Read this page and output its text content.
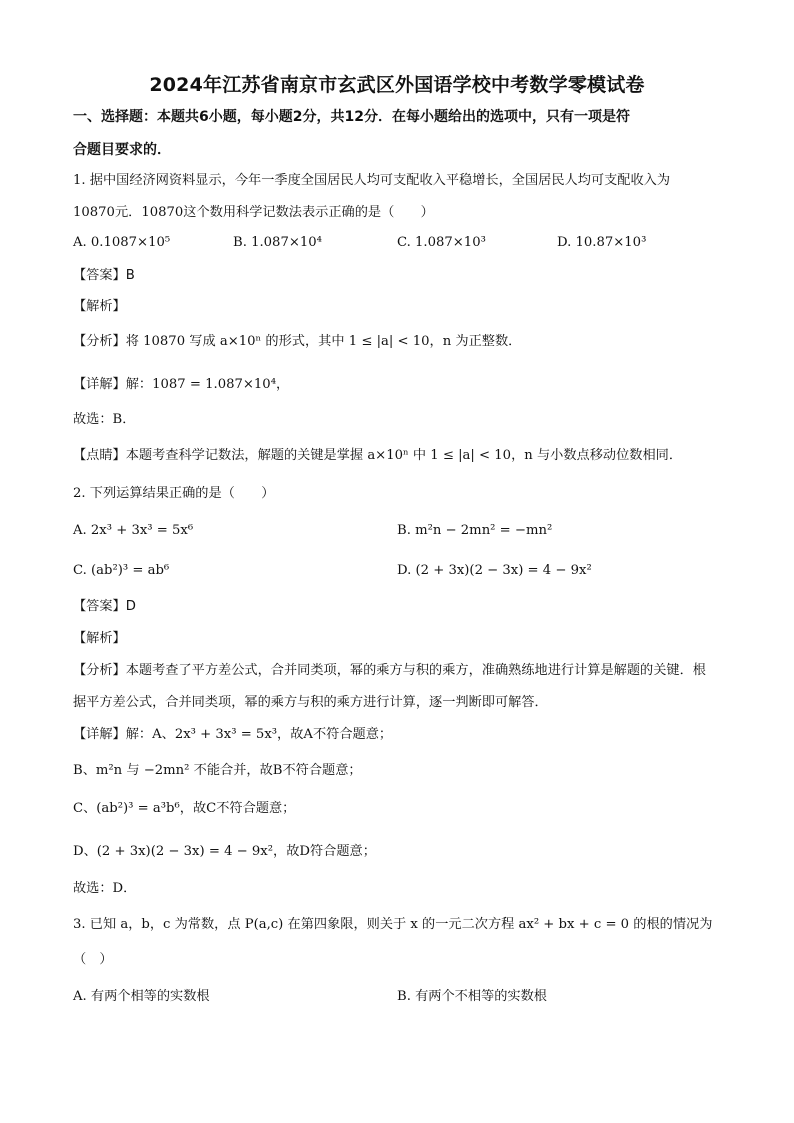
2024年江苏省南京市玄武区外国语学校中考数学零模试卷
一、选择题：本题共6小题，每小题2分，共12分．在每小题给出的选项中，只有一项是符
合题目要求的．
1. 据中国经济网资料显示，今年一季度全国居民人均可支配收入平稳增长，全国居民人均可支配收入为
10870元．10870这个数用科学记数法表示正确的是（　　）
A. 0.1087×10⁵	B. 1.087×10⁴	C. 1.087×10³	D. 10.87×10³
【答案】B
【解析】
【分析】将 10870 写成 a×10ⁿ 的形式，其中 1 ≤ |a| < 10，n 为正整数．
【详解】解：1087 = 1.087×10⁴，
故选：B．
【点睛】本题考查科学记数法，解题的关键是掌握 a×10ⁿ 中 1 ≤ |a| < 10，n 与小数点移动位数相同．
2. 下列运算结果正确的是（　　）
A. 2x³ + 3x³ = 5x⁶	B. m²n − 2mn² = −mn²
C. (ab²)³ = ab⁶	D. (2 + 3x)(2 − 3x) = 4 − 9x²
【答案】D
【解析】
【分析】本题考查了平方差公式，合并同类项，幂的乘方与积的乘方，准确熟练地进行计算是解题的关键．根
据平方差公式，合并同类项，幂的乘方与积的乘方进行计算，逐一判断即可解答．
【详解】解：A、2x³ + 3x³ = 5x³，故A不符合题意；
B、m²n 与 −2mn² 不能合并，故B不符合题意；
C、(ab²)³ = a³b⁶，故C不符合题意；
D、(2 + 3x)(2 − 3x) = 4 − 9x²，故D符合题意；
故选：D．
3. 已知 a，b，c 为常数，点 P(a,c) 在第四象限，则关于 x 的一元二次方程 ax² + bx + c = 0 的根的情况为
（　）
A. 有两个相等的实数根	B. 有两个不相等的实数根
